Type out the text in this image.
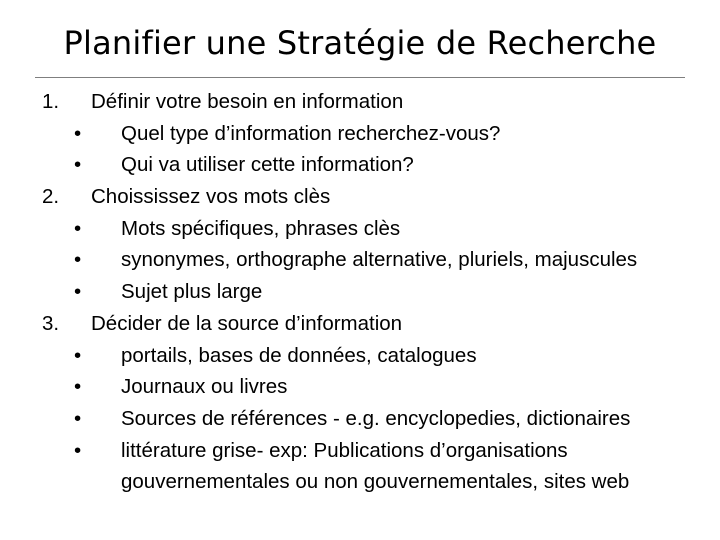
Planifier une Stratégie de Recherche
1. Définir votre besoin en information
• Quel type d’information recherchez-vous?
• Qui va utiliser cette information?
2. Choississez vos mots clès
• Mots spécifiques, phrases clès
• synonymes, orthographe alternative, pluriels, majuscules
• Sujet plus large
3. Décider de la source d’information
• portails, bases de données, catalogues
• Journaux ou livres
• Sources de références - e.g. encyclopedies, dictionaires
• littérature grise- exp: Publications d’organisations gouvernementales ou non gouvernementales, sites web
